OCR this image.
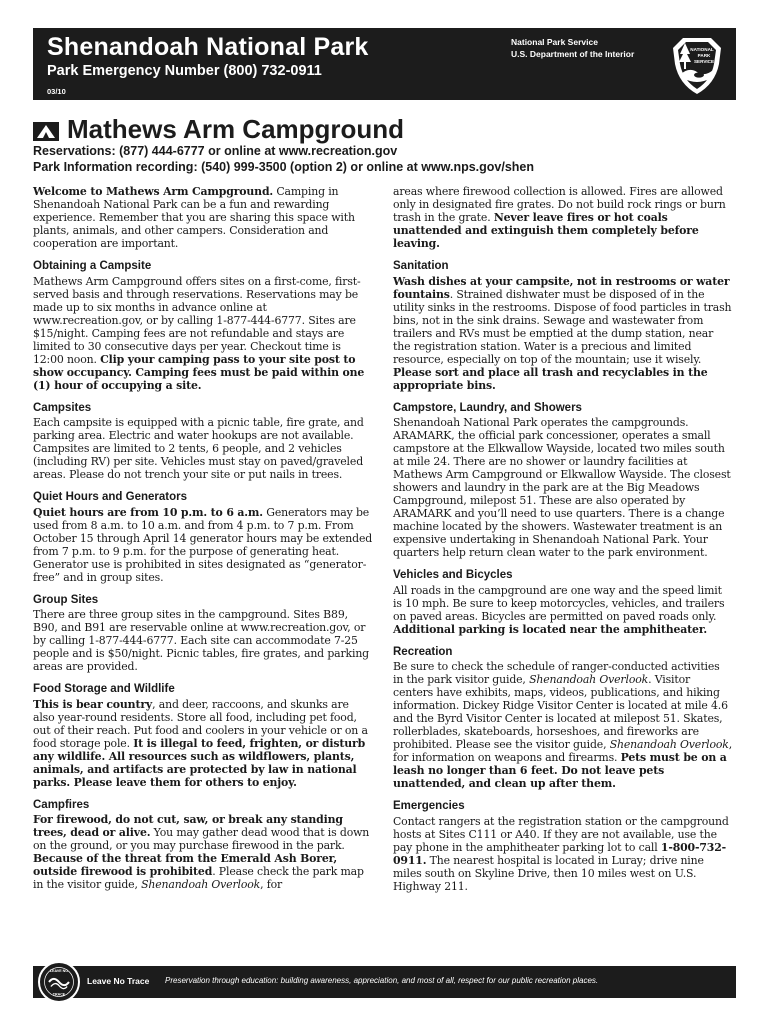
Shenandoah National Park
Park Emergency Number (800) 732-0911
03/10
National Park Service
U.S. Department of the Interior	NATIONAL
PARK
SERVICE
Mathews Arm Campground
Reservations: (877) 444-6777 or online at www.recreation.gov
Park Information recording: (540) 999-3500 (option 2) or online at www.nps.gov/shen
Welcome to Mathews Arm Campground. Camping in Shenandoah National Park can be a fun and rewarding experience. Remember that you are sharing this space with plants, animals, and other campers. Consideration and cooperation are important.
Obtaining a Campsite
Mathews Arm Campground offers sites on a first-come, first-served basis and through reservations. Reservations may be made up to six months in advance online at www.recreation.gov, or by calling 1-877-444-6777. Sites are $15/night. Camping fees are not refundable and stays are limited to 30 consecutive days per year. Checkout time is 12:00 noon. Clip your camping pass to your site post to show occupancy. Camping fees must be paid within one (1) hour of occupying a site.
Campsites
Each campsite is equipped with a picnic table, fire grate, and parking area. Electric and water hookups are not available. Campsites are limited to 2 tents, 6 people, and 2 vehicles (including RV) per site. Vehicles must stay on paved/graveled areas. Please do not trench your site or put nails in trees.
Quiet Hours and Generators
Quiet hours are from 10 p.m. to 6 a.m. Generators may be used from 8 a.m. to 10 a.m. and from 4 p.m. to 7 p.m. From October 15 through April 14 generator hours may be extended from 7 p.m. to 9 p.m. for the purpose of generating heat. Generator use is prohibited in sites designated as “generator-free” and in group sites.
Group Sites
There are three group sites in the campground. Sites B89, B90, and B91 are reservable online at www.recreation.gov, or by calling 1-877-444-6777. Each site can accommodate 7-25 people and is $50/night. Picnic tables, fire grates, and parking areas are provided.
Food Storage and Wildlife
This is bear country, and deer, raccoons, and skunks are also year-round residents. Store all food, including pet food, out of their reach. Put food and coolers in your vehicle or on a food storage pole. It is illegal to feed, frighten, or disturb any wildlife. All resources such as wildflowers, plants, animals, and artifacts are protected by law in national parks. Please leave them for others to enjoy.
Campfires
For firewood, do not cut, saw, or break any standing trees, dead or alive. You may gather dead wood that is down on the ground, or you may purchase firewood in the park. Because of the threat from the Emerald Ash Borer, outside firewood is prohibited. Please check the park map in the visitor guide, Shenandoah Overlook, for
areas where firewood collection is allowed. Fires are allowed only in designated fire grates. Do not build rock rings or burn trash in the grate. Never leave fires or hot coals unattended and extinguish them completely before leaving.
Sanitation
Wash dishes at your campsite, not in restrooms or water fountains. Strained dishwater must be disposed of in the utility sinks in the restrooms. Dispose of food particles in trash bins, not in the sink drains. Sewage and wastewater from trailers and RVs must be emptied at the dump station, near the registration station. Water is a precious and limited resource, especially on top of the mountain; use it wisely. Please sort and place all trash and recyclables in the appropriate bins.
Campstore, Laundry, and Showers
Shenandoah National Park operates the campgrounds. ARAMARK, the official park concessioner, operates a small campstore at the Elkwallow Wayside, located two miles south at mile 24. There are no shower or laundry facilities at Mathews Arm Campground or Elkwallow Wayside. The closest showers and laundry in the park are at the Big Meadows Campground, milepost 51. These are also operated by ARAMARK and you’ll need to use quarters. There is a change machine located by the showers. Wastewater treatment is an expensive undertaking in Shenandoah National Park. Your quarters help return clean water to the park environment.
Vehicles and Bicycles
All roads in the campground are one way and the speed limit is 10 mph. Be sure to keep motorcycles, vehicles, and trailers on paved areas. Bicycles are permitted on paved roads only. Additional parking is located near the amphitheater.
Recreation
Be sure to check the schedule of ranger-conducted activities in the park visitor guide, Shenandoah Overlook. Visitor centers have exhibits, maps, videos, publications, and hiking information. Dickey Ridge Visitor Center is located at mile 4.6 and the Byrd Visitor Center is located at milepost 51. Skates, rollerblades, skateboards, horseshoes, and fireworks are prohibited. Please see the visitor guide, Shenandoah Overlook, for information on weapons and firearms. Pets must be on a leash no longer than 6 feet. Do not leave pets unattended, and clean up after them.
Emergencies
Contact rangers at the registration station or the campground hosts at Sites C111 or A40. If they are not available, use the pay phone in the amphitheater parking lot to call 1-800-732-0911. The nearest hospital is located in Luray; drive nine miles south on Skyline Drive, then 10 miles west on U.S. Highway 211.
LEAVE NO
TRACE
Leave No Trace Preservation through education: building awareness, appreciation, and most of all, respect for our public recreation places.
